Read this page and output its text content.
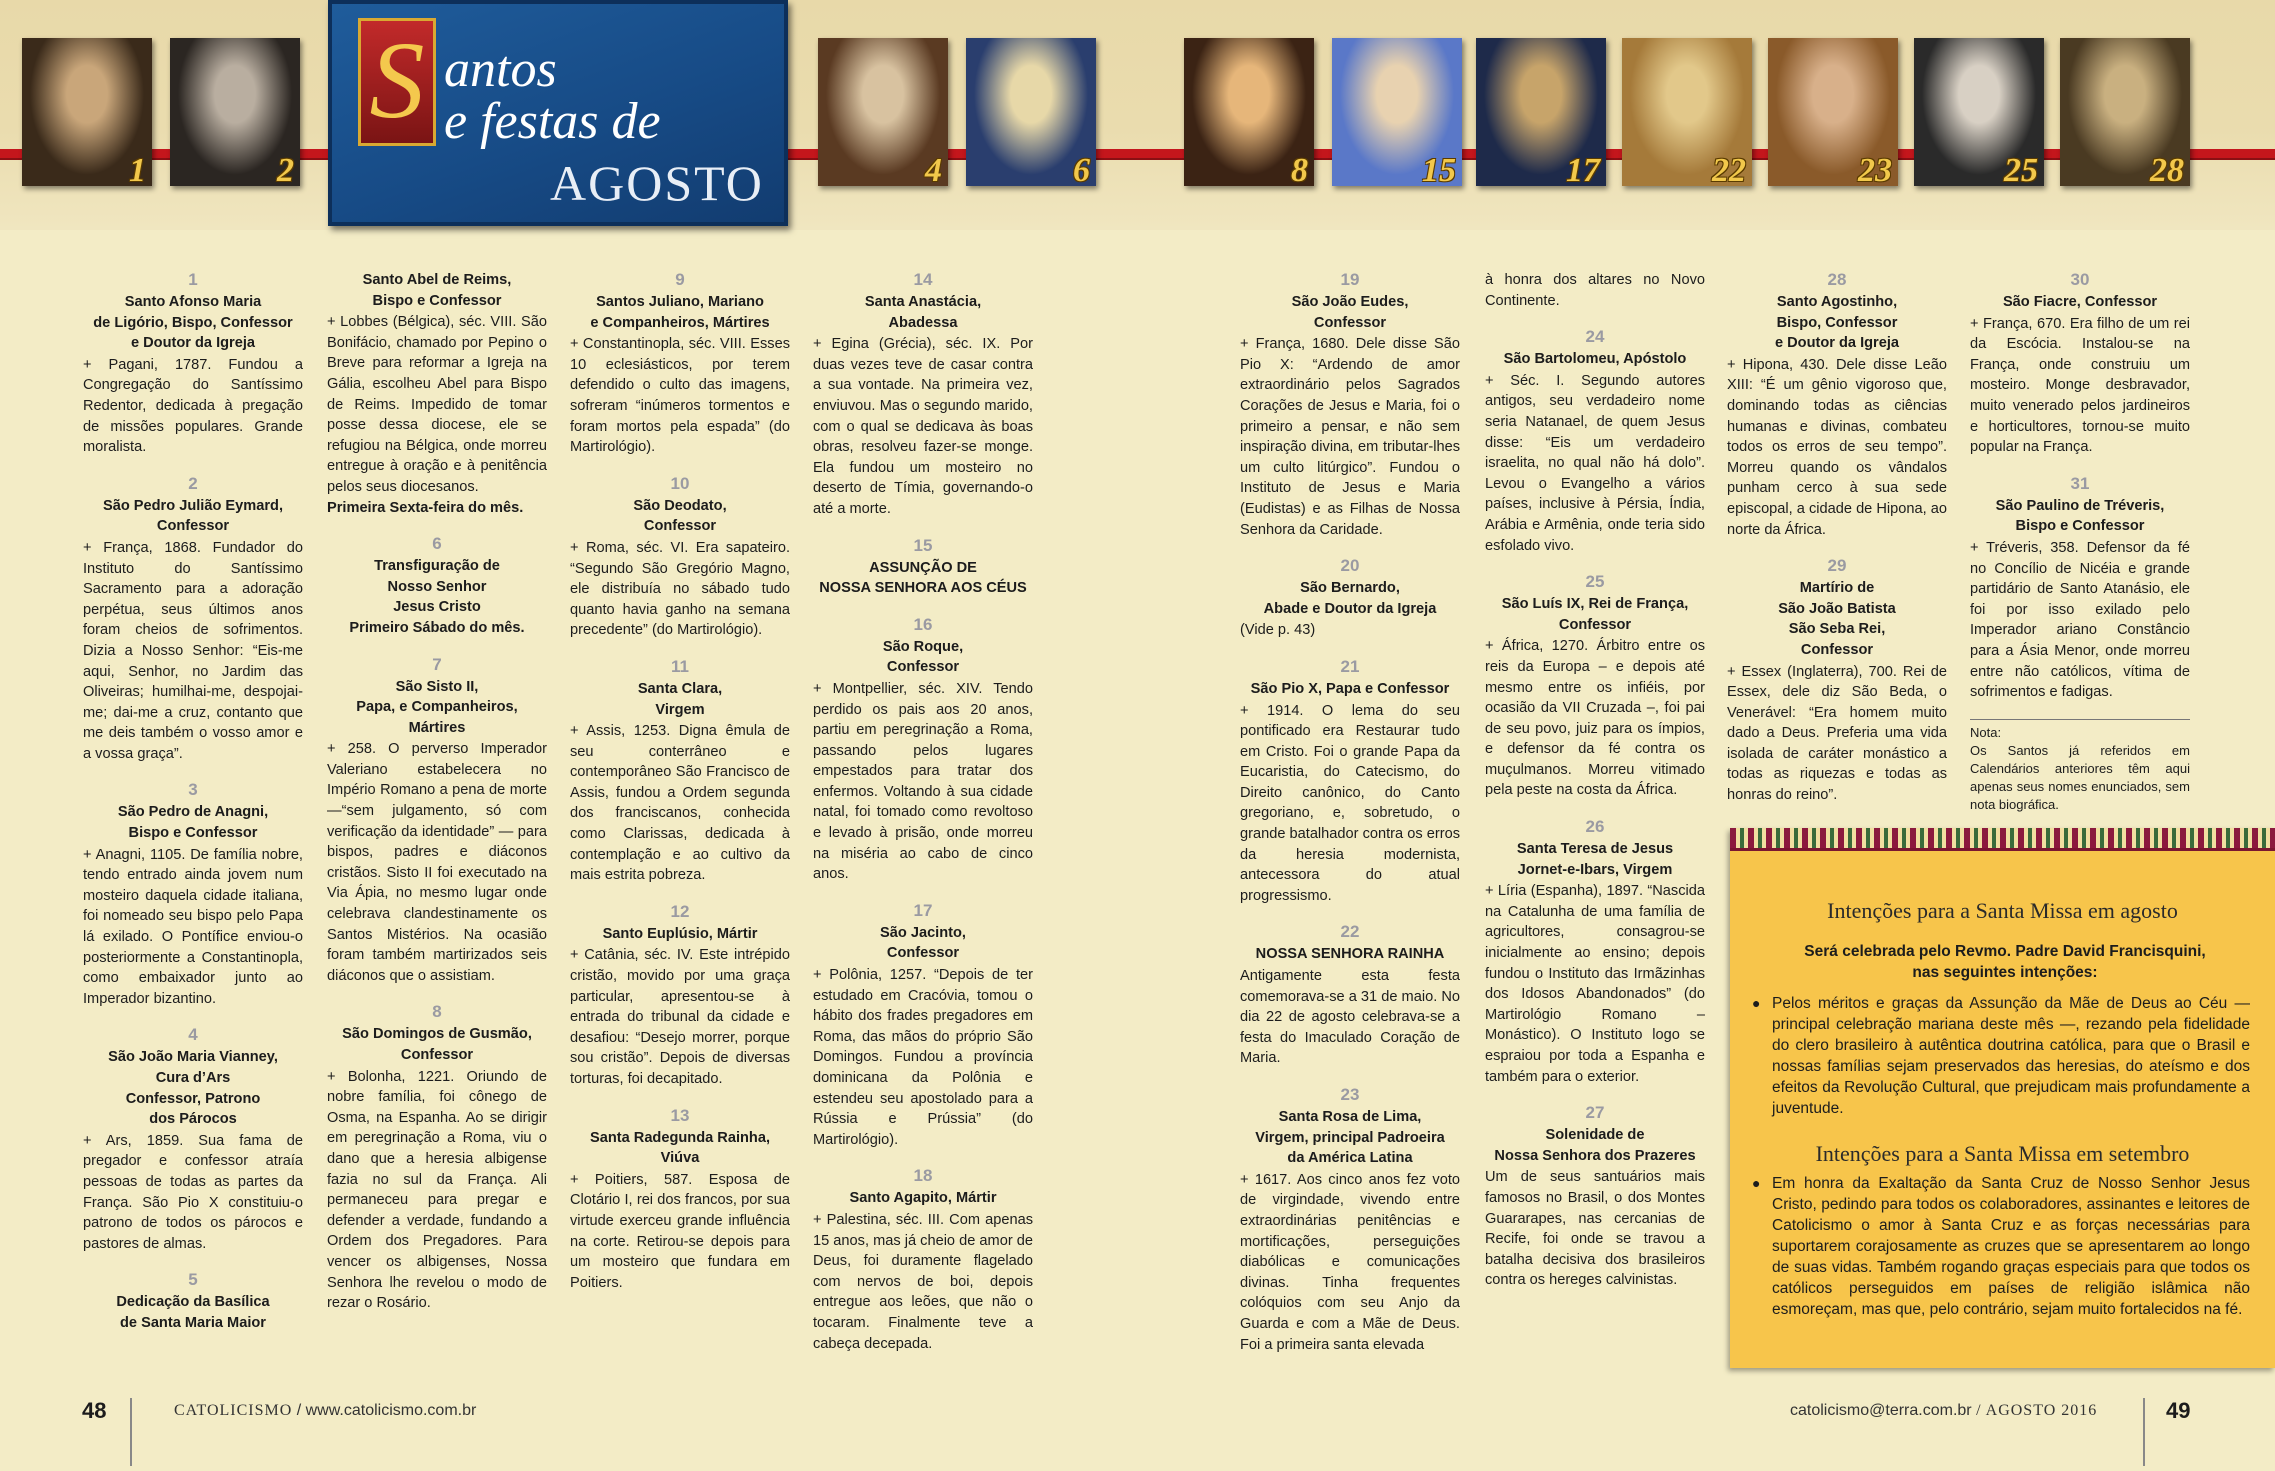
1	2	4	6	8	15	17	22	23	25	28
S antos
e festas de
AGOSTO
1
Santo Afonso Maria
de Ligório, Bispo, Confessor
e Doutor da Igreja
+ Pagani, 1787. Fundou a Congregação do Santíssimo Redentor, dedicada à pregação de missões populares. Grande moralista.
2
São Pedro Julião Eymard,
Confessor
+ França, 1868. Fundador do Instituto do Santíssimo Sacramento para a adoração perpétua, seus últimos anos foram cheios de sofrimentos. Dizia a Nosso Senhor: “Eis-me aqui, Senhor, no Jardim das Oliveiras; humilhai-me, despojai-me; dai-me a cruz, contanto que me deis também o vosso amor e a vossa graça”.
3
São Pedro de Anagni,
Bispo e Confessor
+ Anagni, 1105. De família nobre, tendo entrado ainda jovem num mosteiro daquela cidade italiana, foi nomeado seu bispo pelo Papa lá exilado. O Pontífice enviou-o posteriormente a Constantinopla, como embaixador junto ao Imperador bizantino.
4
São João Maria Vianney,
Cura d’Ars
Confessor, Patrono
dos Párocos
+ Ars, 1859. Sua fama de pregador e confessor atraía pessoas de todas as partes da França. São Pio X constituiu-o patrono de todos os párocos e pastores de almas.
5
Dedicação da Basílica
de Santa Maria Maior
Santo Abel de Reims,
Bispo e Confessor
+ Lobbes (Bélgica), séc. VIII. São Bonifácio, chamado por Pepino o Breve para reformar a Igreja na Gália, escolheu Abel para Bispo de Reims. Impedido de tomar posse dessa diocese, ele se refugiou na Bélgica, onde morreu entregue à oração e à penitência pelos seus diocesanos.
Primeira Sexta-feira do mês.
6
Transfiguração de
Nosso Senhor
Jesus Cristo
Primeiro Sábado do mês.
7
São Sisto II,
Papa, e Companheiros,
Mártires
+ 258. O perverso Imperador Valeriano estabelecera no Império Romano a pena de morte —“sem julgamento, só com verificação da identidade” — para bispos, padres e diáconos cristãos. Sisto II foi executado na Via Ápia, no mesmo lugar onde celebrava clandestinamente os Santos Mistérios. Na ocasião foram também martirizados seis diáconos que o assistiam.
8
São Domingos de Gusmão,
Confessor
+ Bolonha, 1221. Oriundo de nobre família, foi cônego de Osma, na Espanha. Ao se dirigir em peregrinação a Roma, viu o dano que a heresia albigense fazia no sul da França. Ali permaneceu para pregar e defender a verdade, fundando a Ordem dos Pregadores. Para vencer os albigenses, Nossa Senhora lhe revelou o modo de rezar o Rosário.
9
Santos Juliano, Mariano
e Companheiros, Mártires
+ Constantinopla, séc. VIII. Esses 10 eclesiásticos, por terem defendido o culto das imagens, sofreram “inúmeros tormentos e foram mortos pela espada” (do Martirológio).
10
São Deodato,
Confessor
+ Roma, séc. VI. Era sapateiro. “Segundo São Gregório Magno, ele distribuía no sábado tudo quanto havia ganho na semana precedente” (do Martirológio).
11
Santa Clara,
Virgem
+ Assis, 1253. Digna êmula de seu conterrâneo e contemporâneo São Francisco de Assis, fundou a Ordem segunda dos franciscanos, conhecida como Clarissas, dedicada à contemplação e ao cultivo da mais estrita pobreza.
12
Santo Euplúsio, Mártir
+ Catânia, séc. IV. Este intrépido cristão, movido por uma graça particular, apresentou-se à entrada do tribunal da cidade e desafiou: “Desejo morrer, porque sou cristão”. Depois de diversas torturas, foi decapitado.
13
Santa Radegunda Rainha,
Viúva
+ Poitiers, 587. Esposa de Clotário I, rei dos francos, por sua virtude exerceu grande influência na corte. Retirou-se depois para um mosteiro que fundara em Poitiers.
14
Santa Anastácia,
Abadessa
+ Egina (Grécia), séc. IX. Por duas vezes teve de casar contra a sua vontade. Na primeira vez, enviuvou. Mas o segundo marido, com o qual se dedicava às boas obras, resolveu fazer-se monge. Ela fundou um mosteiro no deserto de Tímia, governando-o até a morte.
15
ASSUNÇÃO DE
NOSSA SENHORA AOS CÉUS
16
São Roque,
Confessor
+ Montpellier, séc. XIV. Tendo perdido os pais aos 20 anos, partiu em peregrinação a Roma, passando pelos lugares empestados para tratar dos enfermos. Voltando à sua cidade natal, foi tomado como revoltoso e levado à prisão, onde morreu na miséria ao cabo de cinco anos.
17
São Jacinto,
Confessor
+ Polônia, 1257. “Depois de ter estudado em Cracóvia, tomou o hábito dos frades pregadores em Roma, das mãos do próprio São Domingos. Fundou a província dominicana da Polônia e estendeu seu apostolado para a Rússia e Prússia” (do Martirológio).
18
Santo Agapito, Mártir
+ Palestina, séc. III. Com apenas 15 anos, mas já cheio de amor de Deus, foi duramente flagelado com nervos de boi, depois entregue aos leões, que não o tocaram. Finalmente teve a cabeça decepada.
19
São João Eudes,
Confessor
+ França, 1680. Dele disse São Pio X: “Ardendo de amor extraordinário pelos Sagrados Corações de Jesus e Maria, foi o primeiro a pensar, e não sem inspiração divina, em tributar-lhes um culto litúrgico”. Fundou o Instituto de Jesus e Maria (Eudistas) e as Filhas de Nossa Senhora da Caridade.
20
São Bernardo,
Abade e Doutor da Igreja
(Vide p. 43)
21
São Pio X, Papa e Confessor
+ 1914. O lema do seu pontificado era Restaurar tudo em Cristo. Foi o grande Papa da Eucaristia, do Catecismo, do Direito canônico, do Canto gregoriano, e, sobretudo, o grande batalhador contra os erros da heresia modernista, antecessora do atual progressismo.
22
NOSSA SENHORA RAINHA
Antigamente esta festa comemorava-se a 31 de maio. No dia 22 de agosto celebrava-se a festa do Imaculado Coração de Maria.
23
Santa Rosa de Lima,
Virgem, principal Padroeira
da América Latina
+ 1617. Aos cinco anos fez voto de virgindade, vivendo entre extraordinárias penitências e mortificações, perseguições diabólicas e comunicações divinas. Tinha frequentes colóquios com seu Anjo da Guarda e com a Mãe de Deus. Foi a primeira santa elevada
à honra dos altares no Novo Continente.
24
São Bartolomeu, Apóstolo
+ Séc. I. Segundo autores antigos, seu verdadeiro nome seria Natanael, de quem Jesus disse: “Eis um verdadeiro israelita, no qual não há dolo”. Levou o Evangelho a vários países, inclusive à Pérsia, Índia, Arábia e Armênia, onde teria sido esfolado vivo.
25
São Luís IX, Rei de França,
Confessor
+ África, 1270. Árbitro entre os reis da Europa – e depois até mesmo entre os infiéis, por ocasião da VII Cruzada –, foi pai de seu povo, juiz para os ímpios, e defensor da fé contra os muçulmanos. Morreu vitimado pela peste na costa da África.
26
Santa Teresa de Jesus
Jornet-e-Ibars, Virgem
+ Líria (Espanha), 1897. “Nascida na Catalunha de uma família de agricultores, consagrou-se inicialmente ao ensino; depois fundou o Instituto das Irmãzinhas dos Idosos Abandonados” (do Martirológio Romano – Monástico). O Instituto logo se espraiou por toda a Espanha e também para o exterior.
27
Solenidade de
Nossa Senhora dos Prazeres
Um de seus santuários mais famosos no Brasil, o dos Montes Guararapes, nas cercanias de Recife, foi onde se travou a batalha decisiva dos brasileiros contra os hereges calvinistas.
28
Santo Agostinho,
Bispo, Confessor
e Doutor da Igreja
+ Hipona, 430. Dele disse Leão XIII: “É um gênio vigoroso que, dominando todas as ciências humanas e divinas, combateu todos os erros de seu tempo”. Morreu quando os vândalos punham cerco à sua sede episcopal, a cidade de Hipona, ao norte da África.
29
Martírio de
São João Batista
São Seba Rei,
Confessor
+ Essex (Inglaterra), 700. Rei de Essex, dele diz São Beda, o Venerável: “Era homem muito dado a Deus. Preferia uma vida isolada de caráter monástico a todas as riquezas e todas as honras do reino”.
30
São Fiacre, Confessor
+ França, 670. Era filho de um rei da Escócia. Instalou-se na França, onde construiu um mosteiro. Monge desbravador, muito venerado pelos jardineiros e horticultores, tornou-se muito popular na França.
31
São Paulino de Tréveris,
Bispo e Confessor
+ Tréveris, 358. Defensor da fé no Concílio de Nicéia e grande partidário de Santo Atanásio, ele foi por isso exilado pelo Imperador ariano Constâncio para a Ásia Menor, onde morreu entre não católicos, vítima de sofrimentos e fadigas.
Nota:
Os Santos já referidos em Calendários anteriores têm aqui apenas seus nomes enunciados, sem nota biográfica.
Intenções para a Santa Missa em agosto
Será celebrada pelo Revmo. Padre David Francisquini,
nas seguintes intenções:
● Pelos méritos e graças da Assunção da Mãe de Deus ao Céu — principal celebração mariana deste mês —, rezando pela fidelidade do clero brasileiro à autêntica doutrina católica, para que o Brasil e nossas famílias sejam preservados das heresias, do ateísmo e dos efeitos da Revolução Cultural, que prejudicam mais profundamente a juventude.
Intenções para a Santa Missa em setembro
● Em honra da Exaltação da Santa Cruz de Nosso Senhor Jesus Cristo, pedindo para todos os colaboradores, assinantes e leitores de Catolicismo o amor à Santa Cruz e as forças necessárias para suportarem corajosamente as cruzes que se apresentarem ao longo de suas vidas. Também rogando graças especiais para que todos os católicos perseguidos em países de religião islâmica não esmoreçam, mas que, pelo contrário, sejam muito fortalecidos na fé.
48	CATOLICISMO / www.catolicismo.com.br	catolicismo@terra.com.br / AGOSTO 2016	49
